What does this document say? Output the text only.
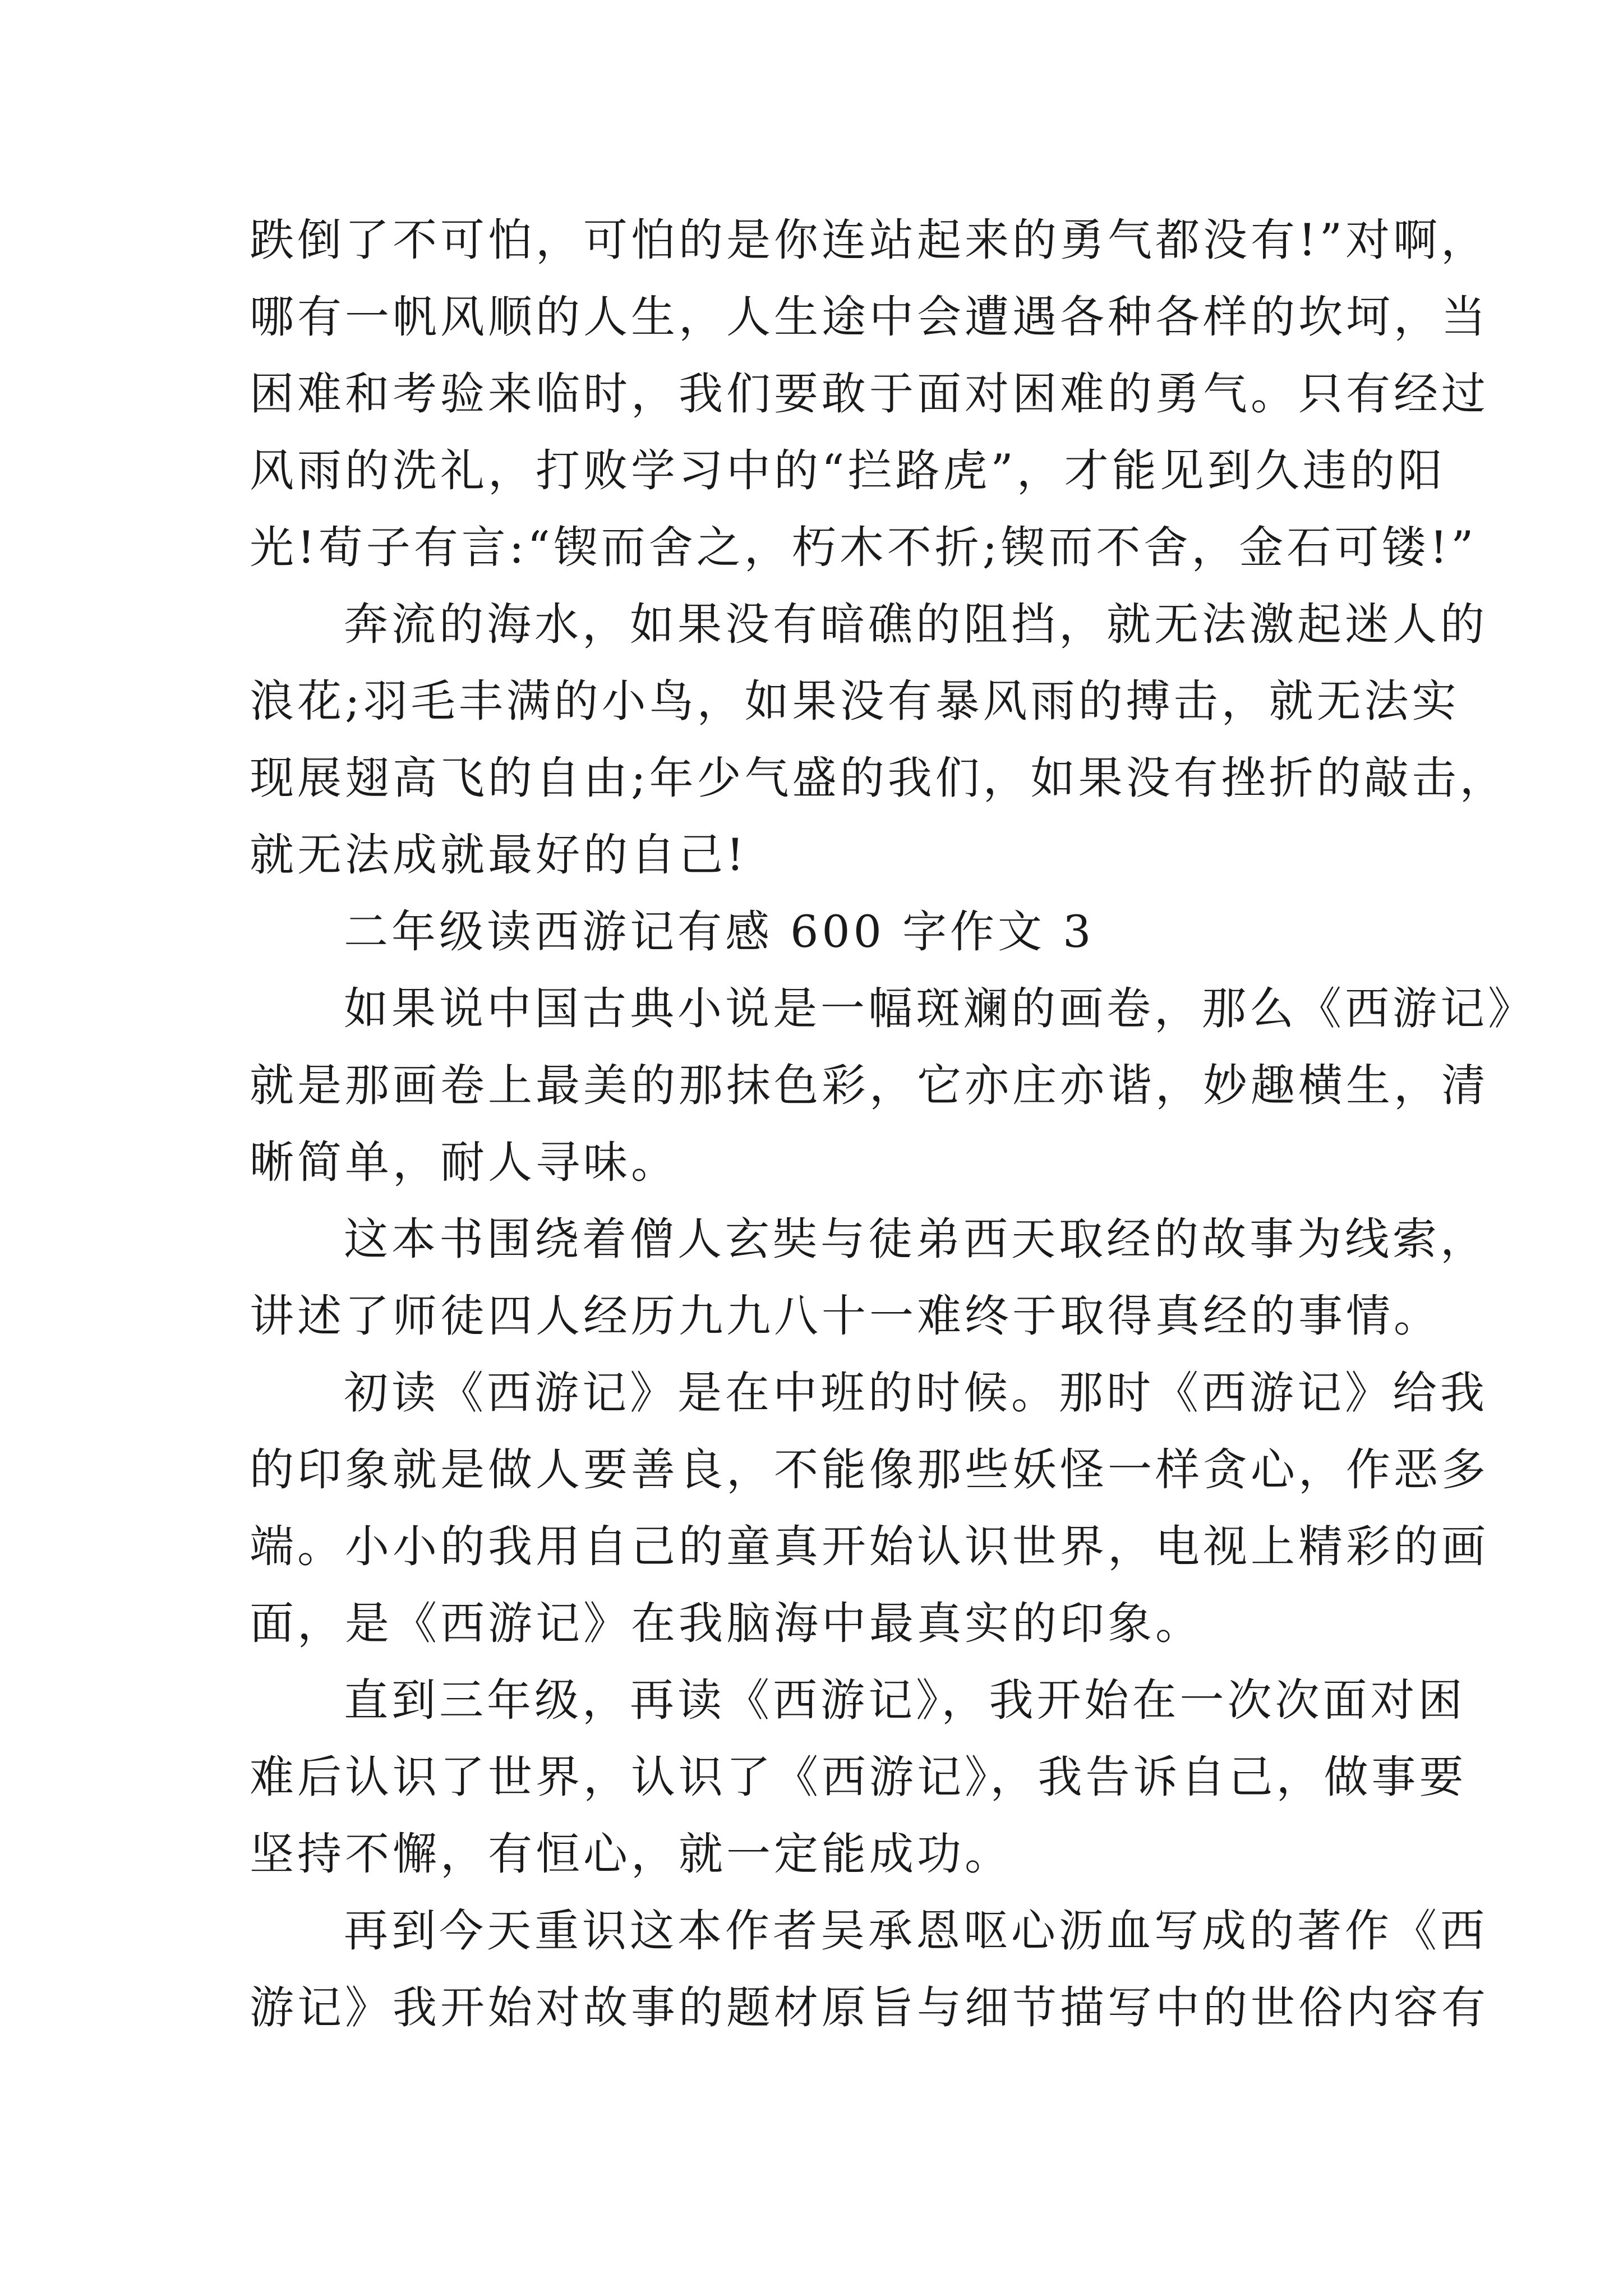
跌倒了不可怕，可怕的是你连站起来的勇气都没有!”对啊，
哪有一帆风顺的人生，人生途中会遭遇各种各样的坎坷，当
困难和考验来临时，我们要敢于面对困难的勇气。只有经过
风雨的洗礼，打败学习中的“拦路虎”，才能见到久违的阳
光!荀子有言:“锲而舍之，朽木不折;锲而不舍，金石可镂!”
奔流的海水，如果没有暗礁的阻挡，就无法激起迷人的
浪花;羽毛丰满的小鸟，如果没有暴风雨的搏击，就无法实
现展翅高飞的自由;年少气盛的我们，如果没有挫折的敲击，
就无法成就最好的自己!
二年级读西游记有感 600 字作文 3
如果说中国古典小说是一幅斑斓的画卷，那么《西游记》
就是那画卷上最美的那抹色彩，它亦庄亦谐，妙趣横生，清
晰简单，耐人寻味。
这本书围绕着僧人玄奘与徒弟西天取经的故事为线索，
讲述了师徒四人经历九九八十一难终于取得真经的事情。
初读《西游记》是在中班的时候。那时《西游记》给我
的印象就是做人要善良，不能像那些妖怪一样贪心，作恶多
端。小小的我用自己的童真开始认识世界，电视上精彩的画
面，是《西游记》在我脑海中最真实的印象。
直到三年级，再读《西游记》，我开始在一次次面对困
难后认识了世界，认识了《西游记》，我告诉自己，做事要
坚持不懈，有恒心，就一定能成功。
再到今天重识这本作者吴承恩呕心沥血写成的著作《西
游记》我开始对故事的题材原旨与细节描写中的世俗内容有
